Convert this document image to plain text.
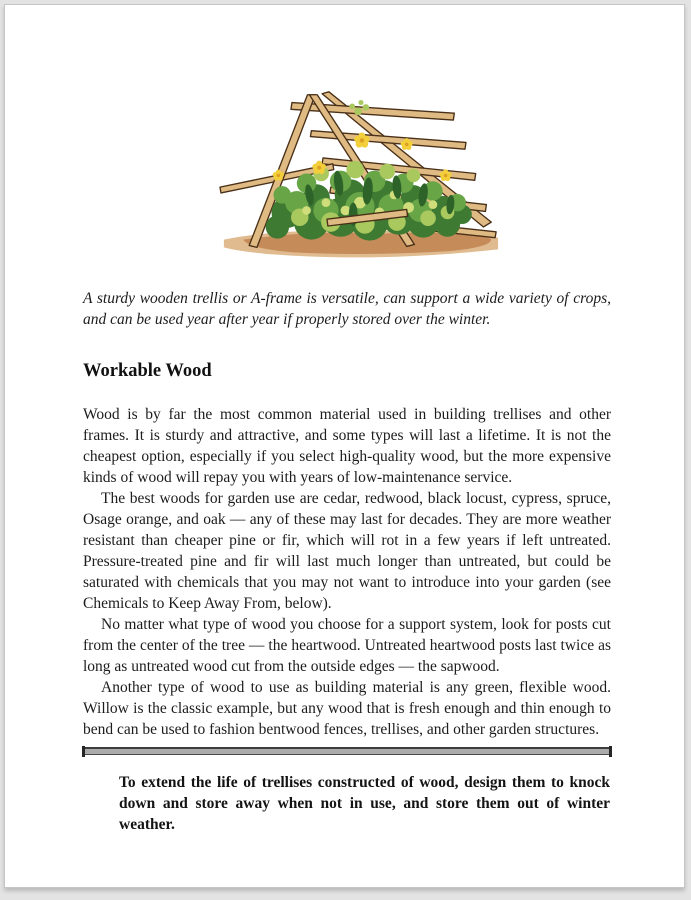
A sturdy wooden trellis or A-frame is versatile, can support a wide variety of crops, and can be used year after year if properly stored over the winter.

Workable Wood

Wood is by far the most common material used in building trellises and other frames. It is sturdy and attractive, and some types will last a lifetime. It is not the cheapest option, especially if you select high-quality wood, but the more expensive kinds of wood will repay you with years of low-maintenance service.

The best woods for garden use are cedar, redwood, black locust, cypress, spruce, Osage orange, and oak — any of these may last for decades. They are more weather resistant than cheaper pine or fir, which will rot in a few years if left untreated. Pressure-treated pine and fir will last much longer than untreated, but could be saturated with chemicals that you may not want to introduce into your garden (see Chemicals to Keep Away From, below).

No matter what type of wood you choose for a support system, look for posts cut from the center of the tree — the heartwood. Untreated heartwood posts last twice as long as untreated wood cut from the outside edges — the sapwood.

Another type of wood to use as building material is any green, flexible wood. Willow is the classic example, but any wood that is fresh enough and thin enough to bend can be used to fashion bentwood fences, trellises, and other garden structures.

To extend the life of trellises constructed of wood, design them to knock down and store away when not in use, and store them out of winter weather.
